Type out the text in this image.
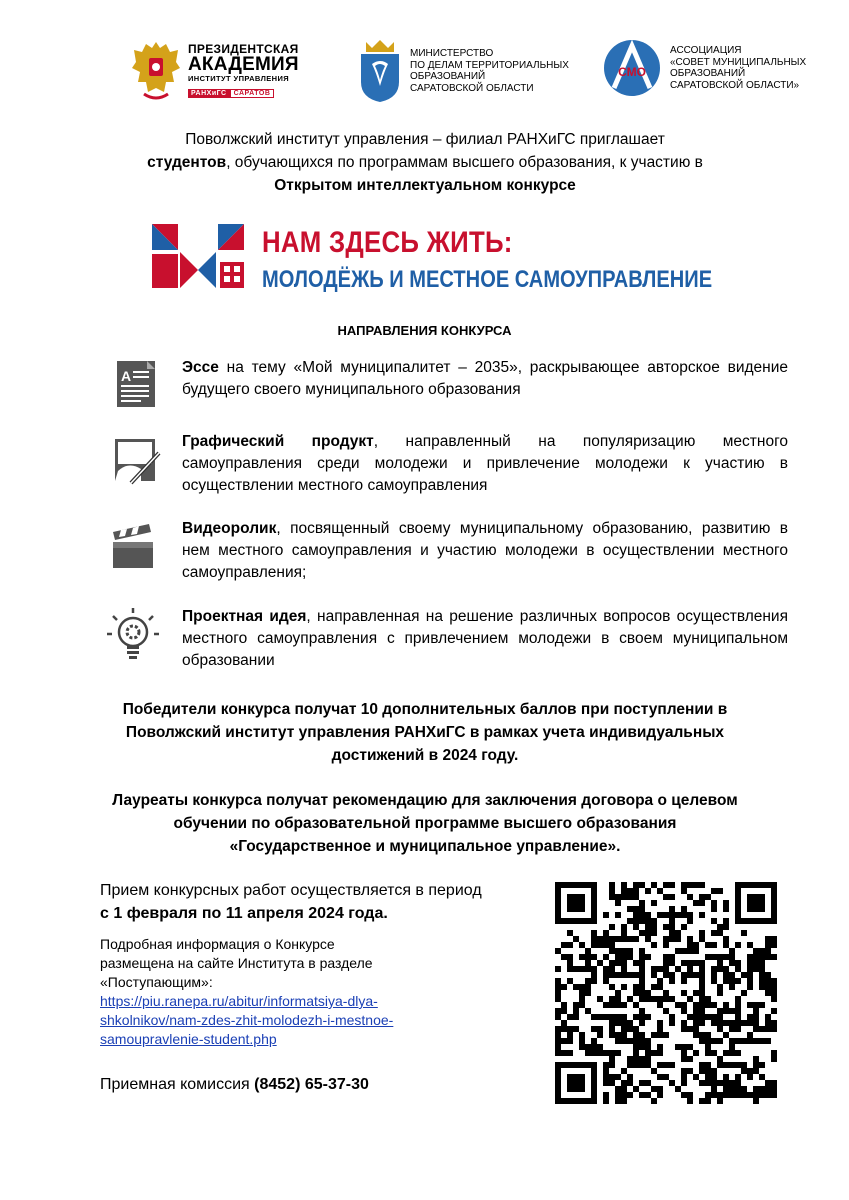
ПРЕЗИДЕНТСКАЯ
АКАДЕМИЯ
ИНСТИТУТ УПРАВЛЕНИЯ
РАНХиГС	САРАТОВ
МИНИСТЕРСТВО
ПО ДЕЛАМ ТЕРРИТОРИАЛЬНЫХ
ОБРАЗОВАНИЙ
САРАТОВСКОЙ ОБЛАСТИ
СМО
АССОЦИАЦИЯ
«СОВЕТ МУНИЦИПАЛЬНЫХ
ОБРАЗОВАНИЙ
САРАТОВСКОЙ ОБЛАСТИ»
Поволжский институт управления – филиал РАНХиГС приглашает
студентов, обучающихся по программам высшего образования, к участию в
Открытом интеллектуальном конкурсе
НАМ ЗДЕСЬ ЖИТЬ:
МОЛОДЁЖЬ И МЕСТНОЕ САМОУПРАВЛЕНИЕ
НАПРАВЛЕНИЯ КОНКУРСА
A	Эссе на тему «Мой муниципалитет – 2035», раскрывающее авторское видение будущего своего муниципального образования
Графический продукт, направленный на популяризацию местного самоуправления среди молодежи и привлечение молодежи к участию в осуществлении местного самоуправления
Видеоролик, посвященный своему муниципальному образованию, развитию в нем местного самоуправления и участию молодежи в осуществлении местного самоуправления;
Проектная идея, направленная на решение различных вопросов осуществления местного самоуправления с привлечением молодежи в своем муниципальном образовании
Победители конкурса получат 10 дополнительных баллов при поступлении в Поволжский институт управления РАНХиГС в рамках учета индивидуальных достижений в 2024 году.
Лауреаты конкурса получат рекомендацию для заключения договора о целевом
обучении по образовательной программе высшего образования
«Государственное и муниципальное управление».
Прием конкурсных работ осуществляется в период
с 1 февраля по 11 апреля 2024 года.
Подробная информация о Конкурсе
размещена на сайте Института в разделе
«Поступающим»:
https://piu.ranepa.ru/abitur/informatsiya-dlya-
shkolnikov/nam-zdes-zhit-molodezh-i-mestnoe-
samoupravlenie-student.php
Приемная комиссия (8452) 65-37-30
